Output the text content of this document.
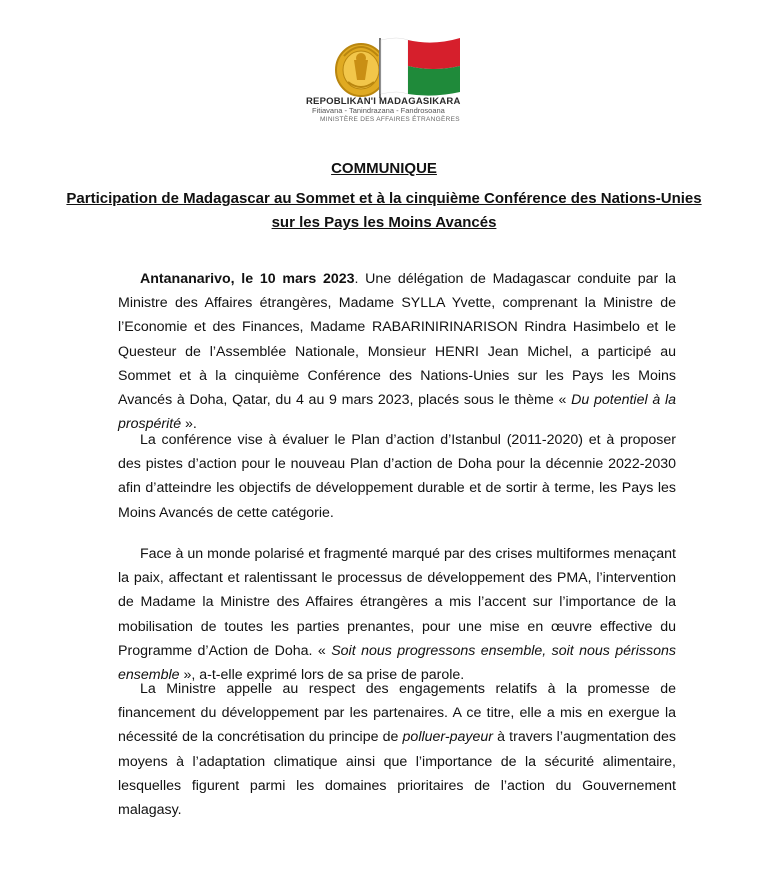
REPOBLIKAN'I MADAGASIKARA
Fitiavana - Tanindrazana - Fandrosoana
MINISTÈRE DES AFFAIRES ÉTRANGÈRES
COMMUNIQUE
Participation de Madagascar au Sommet et à la cinquième Conférence des Nations-Unies
sur les Pays les Moins Avancés

Antananarivo, le 10 mars 2023. Une délégation de Madagascar conduite par la Ministre des Affaires étrangères, Madame SYLLA Yvette, comprenant la Ministre de l’Economie et des Finances, Madame RABARINIRINARISON Rindra Hasimbelo et le Questeur de l’Assemblée Nationale, Monsieur HENRI Jean Michel, a participé au Sommet et à la cinquième Conférence des Nations-Unies sur les Pays les Moins Avancés à Doha, Qatar, du 4 au 9 mars 2023, placés sous le thème « Du potentiel à la prospérité ».

La conférence vise à évaluer le Plan d’action d’Istanbul (2011-2020) et à proposer des pistes d’action pour le nouveau Plan d’action de Doha pour la décennie 2022-2030 afin d’atteindre les objectifs de développement durable et de sortir à terme, les Pays les Moins Avancés de cette catégorie.

Face à un monde polarisé et fragmenté marqué par des crises multiformes menaçant la paix, affectant et ralentissant le processus de développement des PMA, l’intervention de Madame la Ministre des Affaires étrangères a mis l’accent sur l’importance de la mobilisation de toutes les parties prenantes, pour une mise en œuvre effective du Programme d’Action de Doha. « Soit nous progressons ensemble, soit nous périssons ensemble », a-t-elle exprimé lors de sa prise de parole.

La Ministre appelle au respect des engagements relatifs à la promesse de financement du développement par les partenaires. A ce titre, elle a mis en exergue la nécessité de la concrétisation du principe de polluer-payeur à travers l’augmentation des moyens à l’adaptation climatique ainsi que l’importance de la sécurité alimentaire, lesquelles figurent parmi les domaines prioritaires de l’action du Gouvernement malagasy.
